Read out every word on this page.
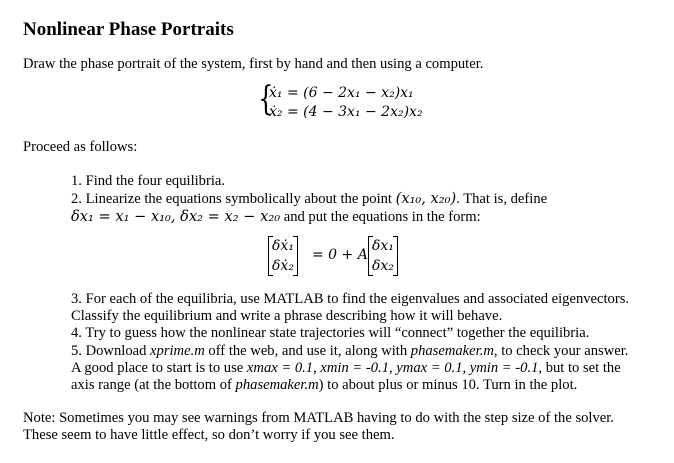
Nonlinear Phase Portraits

Draw the phase portrait of the system, first by hand and then using a computer.

{
ẋ₁ = (6 − 2x₁ − x₂)x₁
ẋ₂ = (4 − 3x₁ − 2x₂)x₂

Proceed as follows:

1. Find the four equilibria.
2. Linearize the equations symbolically about the point (x₁₀, x₂₀). That is, define
δx₁ = x₁ − x₁₀, δx₂ = x₂ − x₂₀ and put the equations in the form:
δẋ₁
δẋ₂
= 0 + A
δx₁
δx₂
3. For each of the equilibria, use MATLAB to find the eigenvalues and associated eigenvectors.
Classify the equilibrium and write a phrase describing how it will behave.
4. Try to guess how the nonlinear state trajectories will “connect” together the equilibria.
5. Download xprime.m off the web, and use it, along with phasemaker.m, to check your answer.
A good place to start is to use xmax = 0.1, xmin = -0.1, ymax = 0.1, ymin = -0.1, but to set the
axis range (at the bottom of phasemaker.m) to about plus or minus 10. Turn in the plot.
Note: Sometimes you may see warnings from MATLAB having to do with the step size of the solver.
These seem to have little effect, so don’t worry if you see them.
